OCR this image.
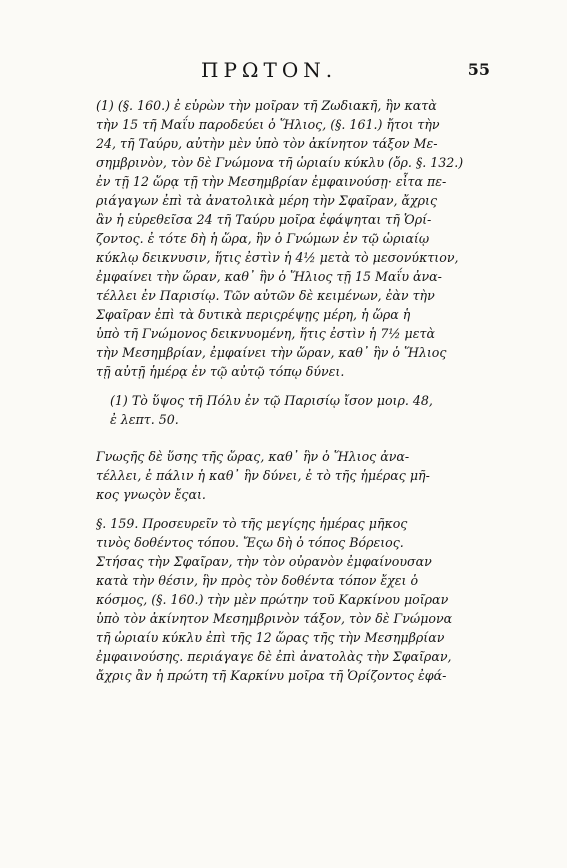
ΠΡΩΤΟΝ.	55
(1) (§. 160.) ἐ εὑρὼν τὴν μοῖραν τῆ Ζωδιακῆ, ἣν κατὰ
τὴν 15 τῆ Μαΐυ παροδεύει ὁ Ἥλιος, (§. 161.) ἤτοι τὴν
24, τῆ Ταύρυ, αὐτὴν μὲν ὑπὸ τὸν ἀκίνητον τάξον Με-
σημβρινὸν, τὸν δὲ Γνώμονα τῆ ὡριαίυ κύκλυ (ὄρ. §. 132.)
ἐν τῇ 12 ὥρᾳ τῇ τὴν Μεσημβρίαν ἐμφαινούσῃ· εἶτα πε-
ριάγαγων ἐπὶ τὰ ἀνατολικὰ μέρη τὴν Σφαῖραν, ἄχρις
ἂν ἡ εὑρεθεῖσα 24 τῆ Ταύρυ μοῖρα ἐφάψηται τῆ Ὁρί-
ζοντος. ἐ τότε δὴ ἡ ὥρα, ἣν ὁ Γνώμων ἐν τῷ ὡριαίῳ
κύκλῳ δεικνυσιν, ἥτις ἐστὶν ἡ 4½ μετὰ τὸ μεσονύκτιον,
ἐμφαίνει τὴν ὥραν, καθ᾽ ἣν ὁ Ἥλιος τῇ 15 Μαΐυ ἀνα-
τέλλει ἐν Παρισίῳ. Τῶν αὐτῶν δὲ κειμένων, ἐὰν τὴν
Σφαῖραν ἐπὶ τὰ δυτικὰ περιςρέψῃς μέρη, ἡ ὥρα ἡ
ὑπὸ τῆ Γνώμονος δεικνυομένη, ἥτις ἐστὶν ἡ 7½ μετὰ
τὴν Μεσημβρίαν, ἐμφαίνει τὴν ὥραν, καθ᾽ ἣν ὁ Ἥλιος
τῇ αὐτῇ ἡμέρᾳ ἐν τῷ αὐτῷ τόπῳ δύνει.
(1) Τὸ ὕψος τῆ Πόλυ ἐν τῷ Παρισίῳ ἴσον μοιρ. 48,
ἐ λεπτ. 50.
Γνωςῆς δὲ ὕσης τῆς ὥρας, καθ᾽ ἣν ὁ Ἥλιος ἀνα-
τέλλει, ἐ πάλιν ἡ καθ᾽ ἣν δύνει, ἐ τὸ τῆς ἡμέρας μῆ-
κος γνωςὸν ἔςαι.
§. 159. Προσευρεῖν τὸ τῆς μεγίςης ἡμέρας μῆκος
τινὸς δοθέντος τόπου. Ἔςω δὴ ὁ τόπος Βόρειος.
Στήσας τὴν Σφαῖραν, τὴν τὸν οὐρανὸν ἐμφαίνουσαν
κατὰ τὴν θέσιν, ἣν πρὸς τὸν δοθέντα τόπον ἔχει ὁ
κόσμος, (§. 160.) τὴν μὲν πρώτην τοῦ Καρκίνου μοῖραν
ὑπὸ τὸν ἀκίνητον Μεσημβρινὸν τάξον, τὸν δὲ Γνώμονα
τῆ ὡριαίυ κύκλυ ἐπὶ τῆς 12 ὥρας τῆς τὴν Μεσημβρίαν
ἐμφαινούσης. περιάγαγε δὲ ἐπὶ ἀνατολὰς τὴν Σφαῖραν,
ἄχρις ἂν ἡ πρώτη τῆ Καρκίνυ μοῖρα τῆ Ὁρίζοντος ἐφά-
